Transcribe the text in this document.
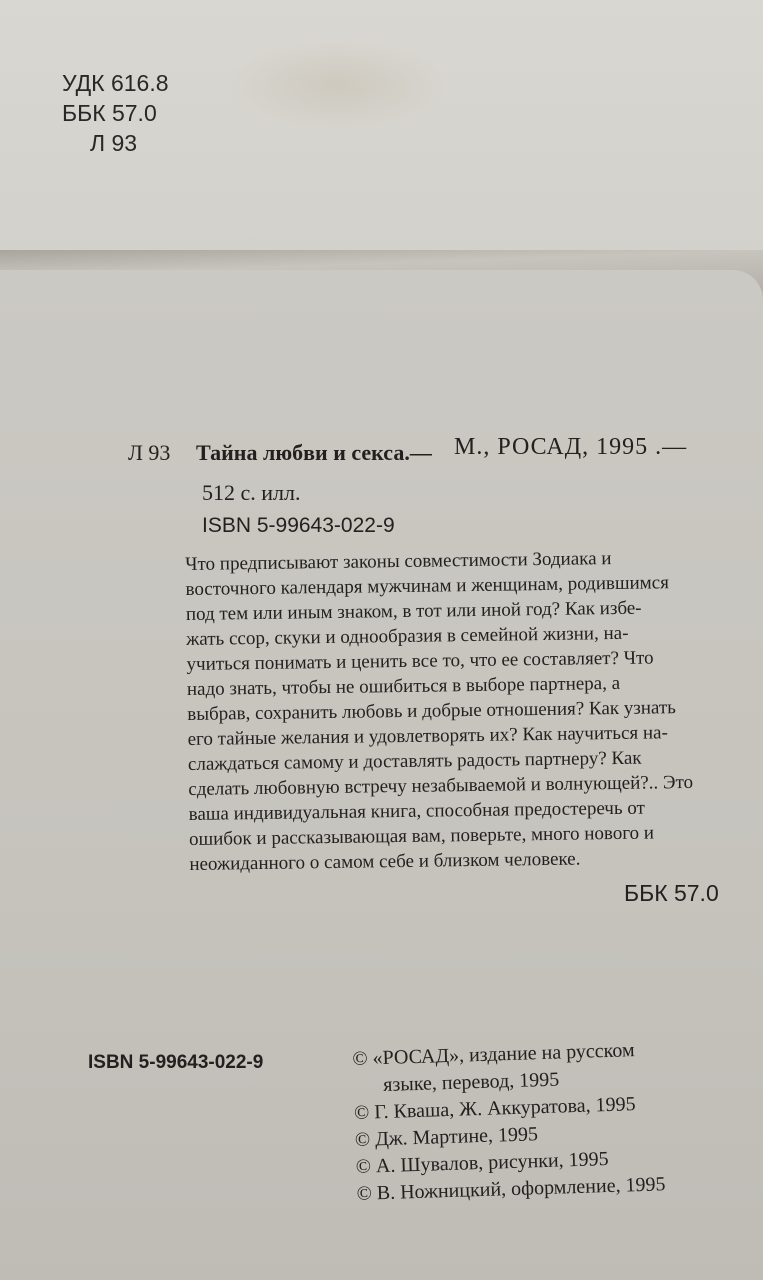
УДК 616.8
ББК 57.0
Л 93
Л 93 Тайна любви и секса.— М., РОСАД, 1995 .—
512 с. илл.
ISBN 5-99643-022-9
Что предписывают законы совместимости Зодиака и
восточного календаря мужчинам и женщинам, родившимся
под тем или иным знаком, в тот или иной год? Как избе-
жать ссор, скуки и однообразия в семейной жизни, на-
учиться понимать и ценить все то, что ее составляет? Что
надо знать, чтобы не ошибиться в выборе партнера, а
выбрав, сохранить любовь и добрые отношения? Как узнать
его тайные желания и удовлетворять их? Как научиться на-
слаждаться самому и доставлять радость партнеру? Как
сделать любовную встречу незабываемой и волнующей?.. Это
ваша индивидуальная книга, способная предостеречь от
ошибок и рассказывающая вам, поверьте, много нового и
неожиданного о самом себе и близком человеке.
ББК 57.0
ISBN 5-99643-022-9	© «РОСАД», издание на русском
языке, перевод, 1995
© Г. Кваша, Ж. Аккуратова, 1995
© Дж. Мартине, 1995
© А. Шувалов, рисунки, 1995
© В. Ножницкий, оформление, 1995
